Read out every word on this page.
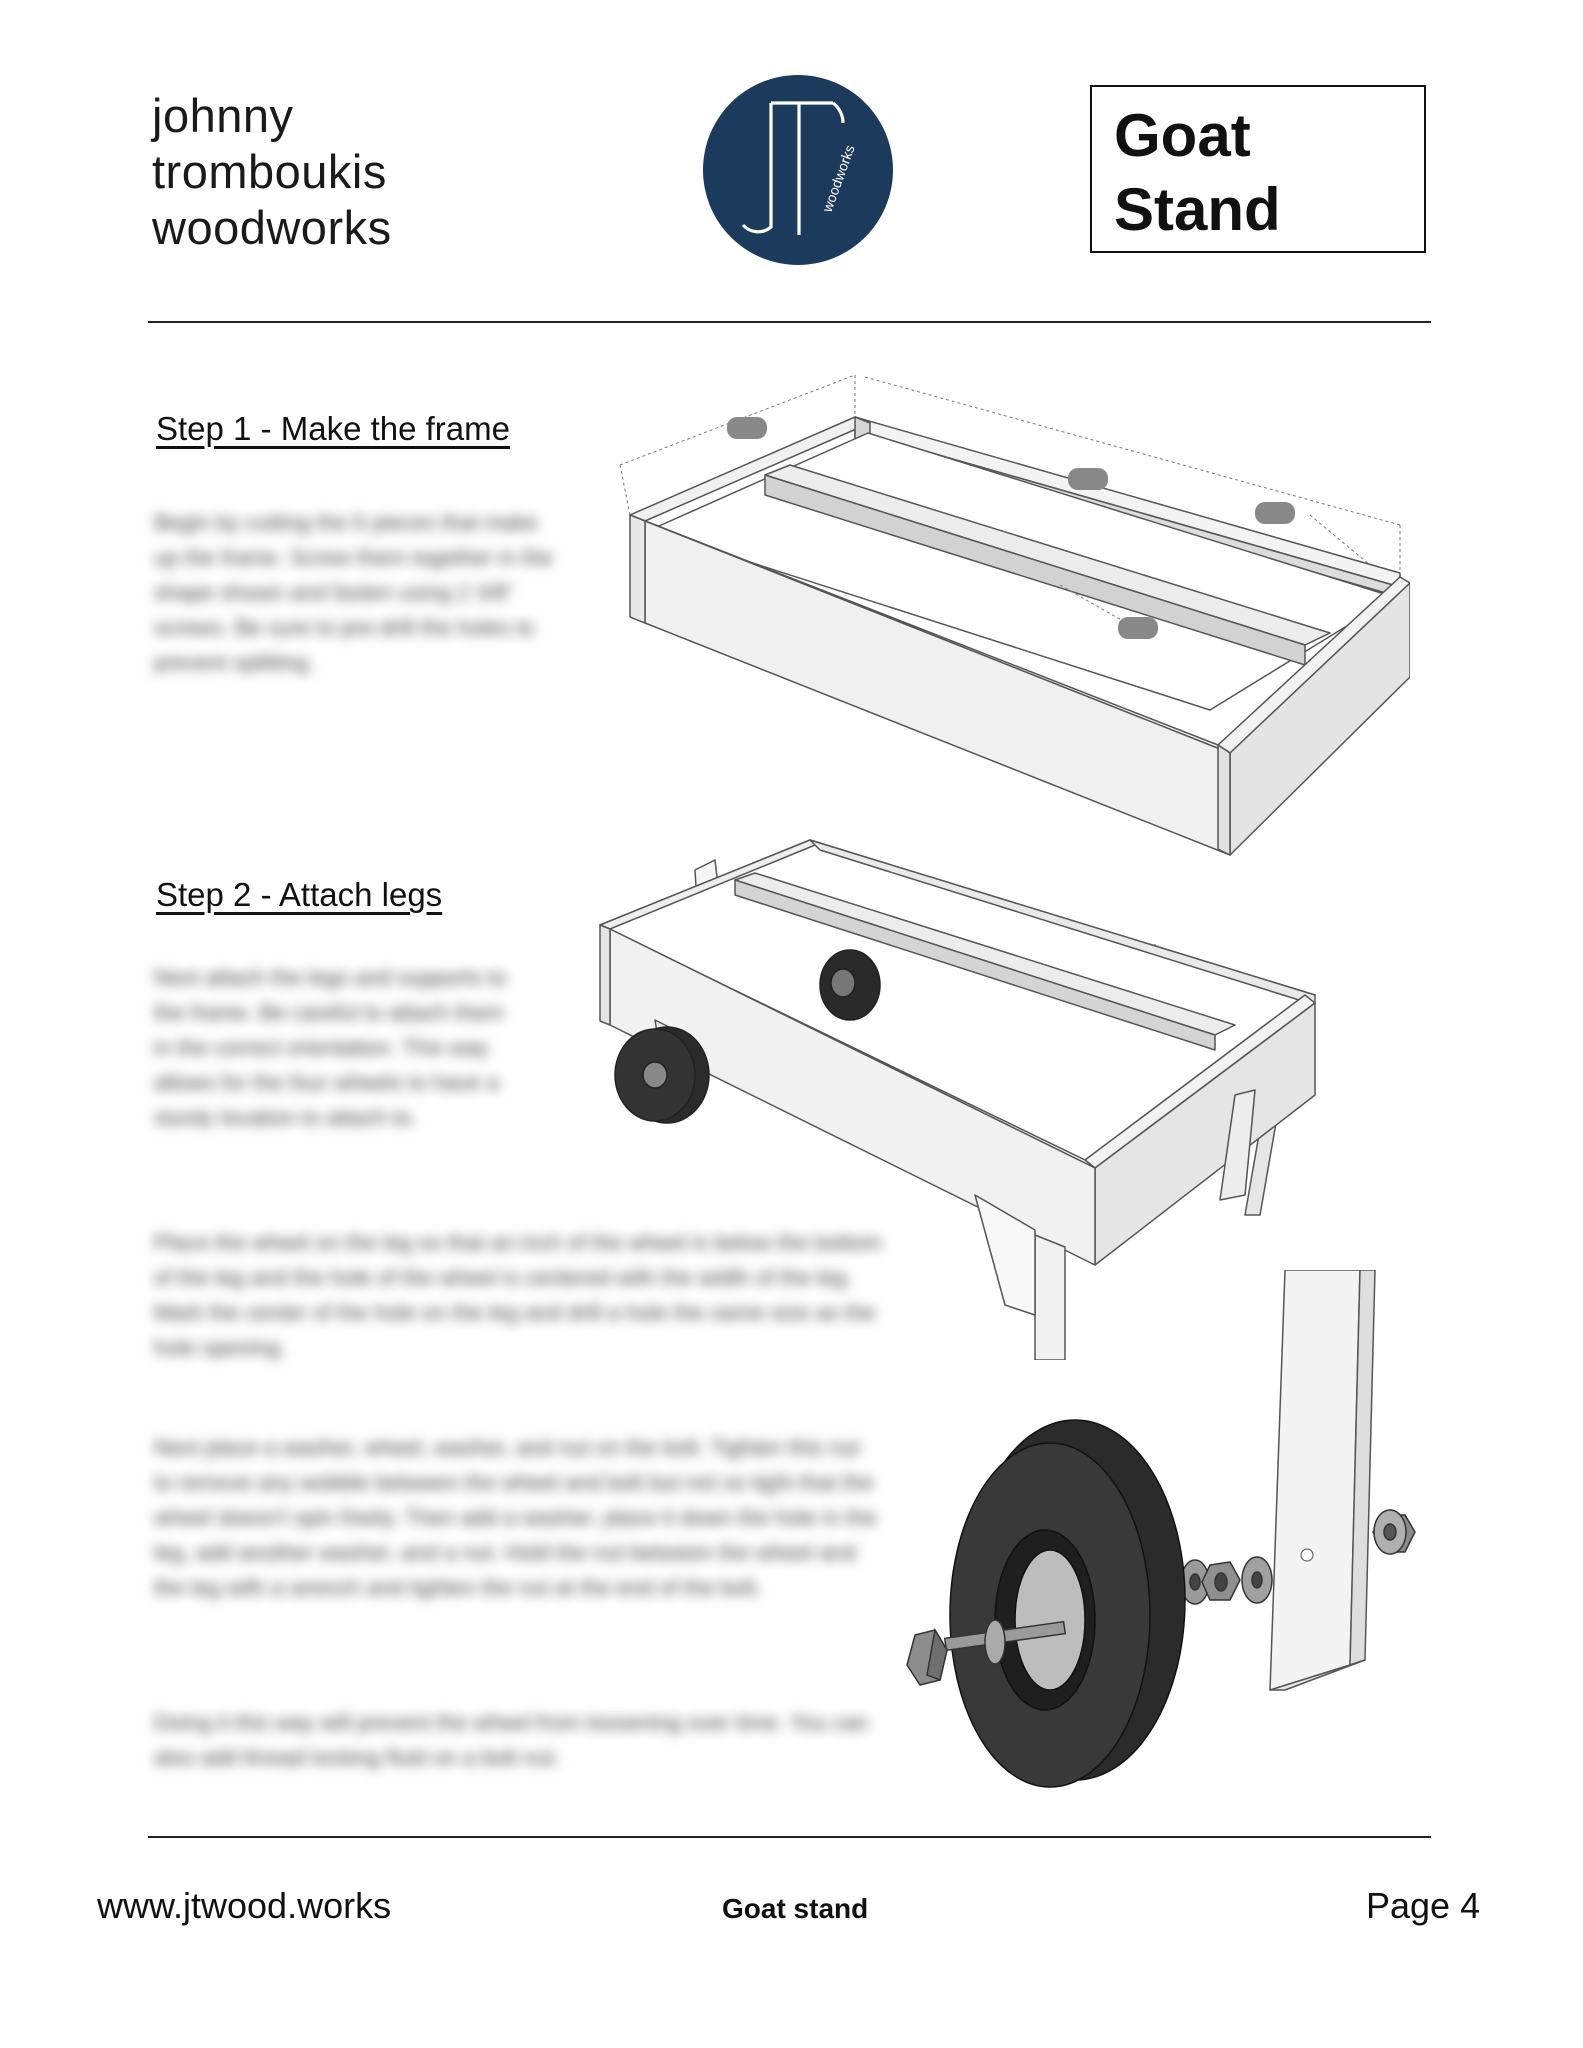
johnny
tromboukis
woodworks
woodworks
Goat
Stand
Step 1 - Make the frame

Begin by cutting the 6 pieces that make up the frame. Screw them together in the shape shown and fasten using 2 3/8" screws. Be sure to pre-drill the holes to prevent splitting.

Step 2 - Attach legs

Next attach the legs and supports to the frame. Be careful to attach them in the correct orientation. This way allows for the four wheels to have a sturdy location to attach to.

Place the wheel on the leg so that an inch of the wheel is below the bottom of the leg and the hole of the wheel is centered with the width of the leg. Mark the center of the hole on the leg and drill a hole the same size as the hole opening.

Next place a washer, wheel, washer, and nut on the bolt. Tighten this nut to remove any wobble between the wheel and bolt but not so tight that the wheel doesn't spin freely. Then add a washer, place it down the hole in the leg, add another washer, and a nut. Hold the nut between the wheel and the leg with a wrench and tighten the nut at the end of the bolt.

Doing it this way will prevent the wheel from loosening over time. You can also add thread locking fluid on a bolt nut.

www.jtwood.works	Goat stand	Page 4
